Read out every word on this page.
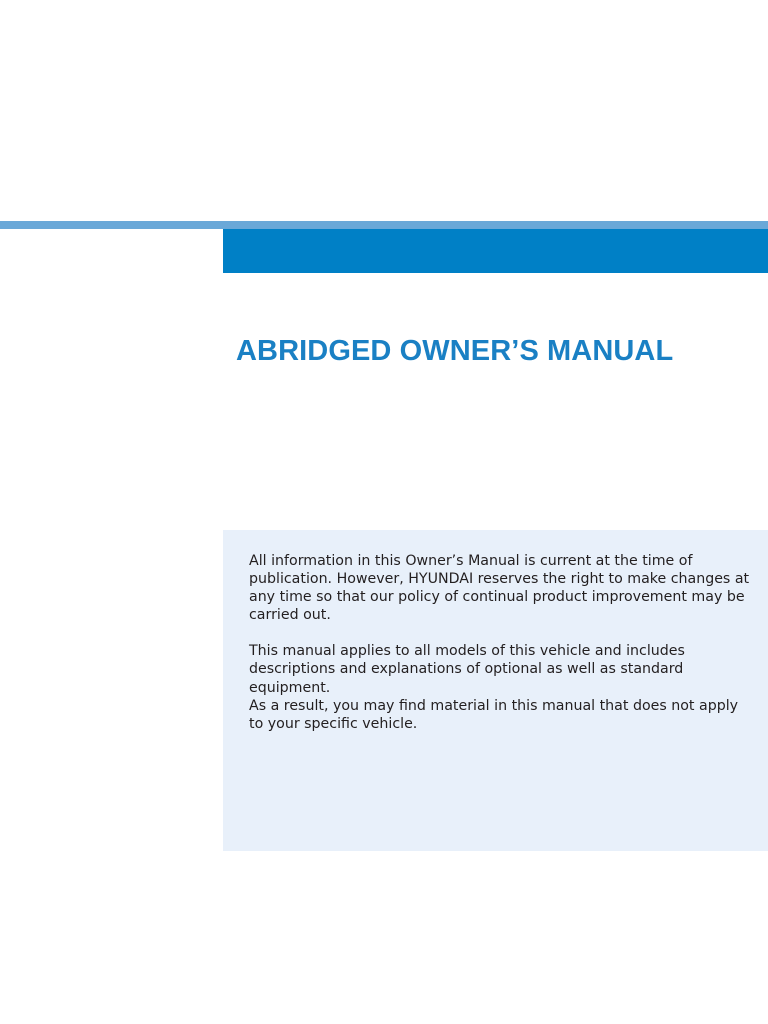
ABRIDGED OWNER’S MANUAL

All information in this Owner’s Manual is current at the time of publication. However, HYUNDAI reserves the right to make changes at any time so that our policy of continual product improvement may be carried out.

This manual applies to all models of this vehicle and includes descriptions and explanations of optional as well as standard equipment.

As a result, you may find material in this manual that does not apply to your specific vehicle.
